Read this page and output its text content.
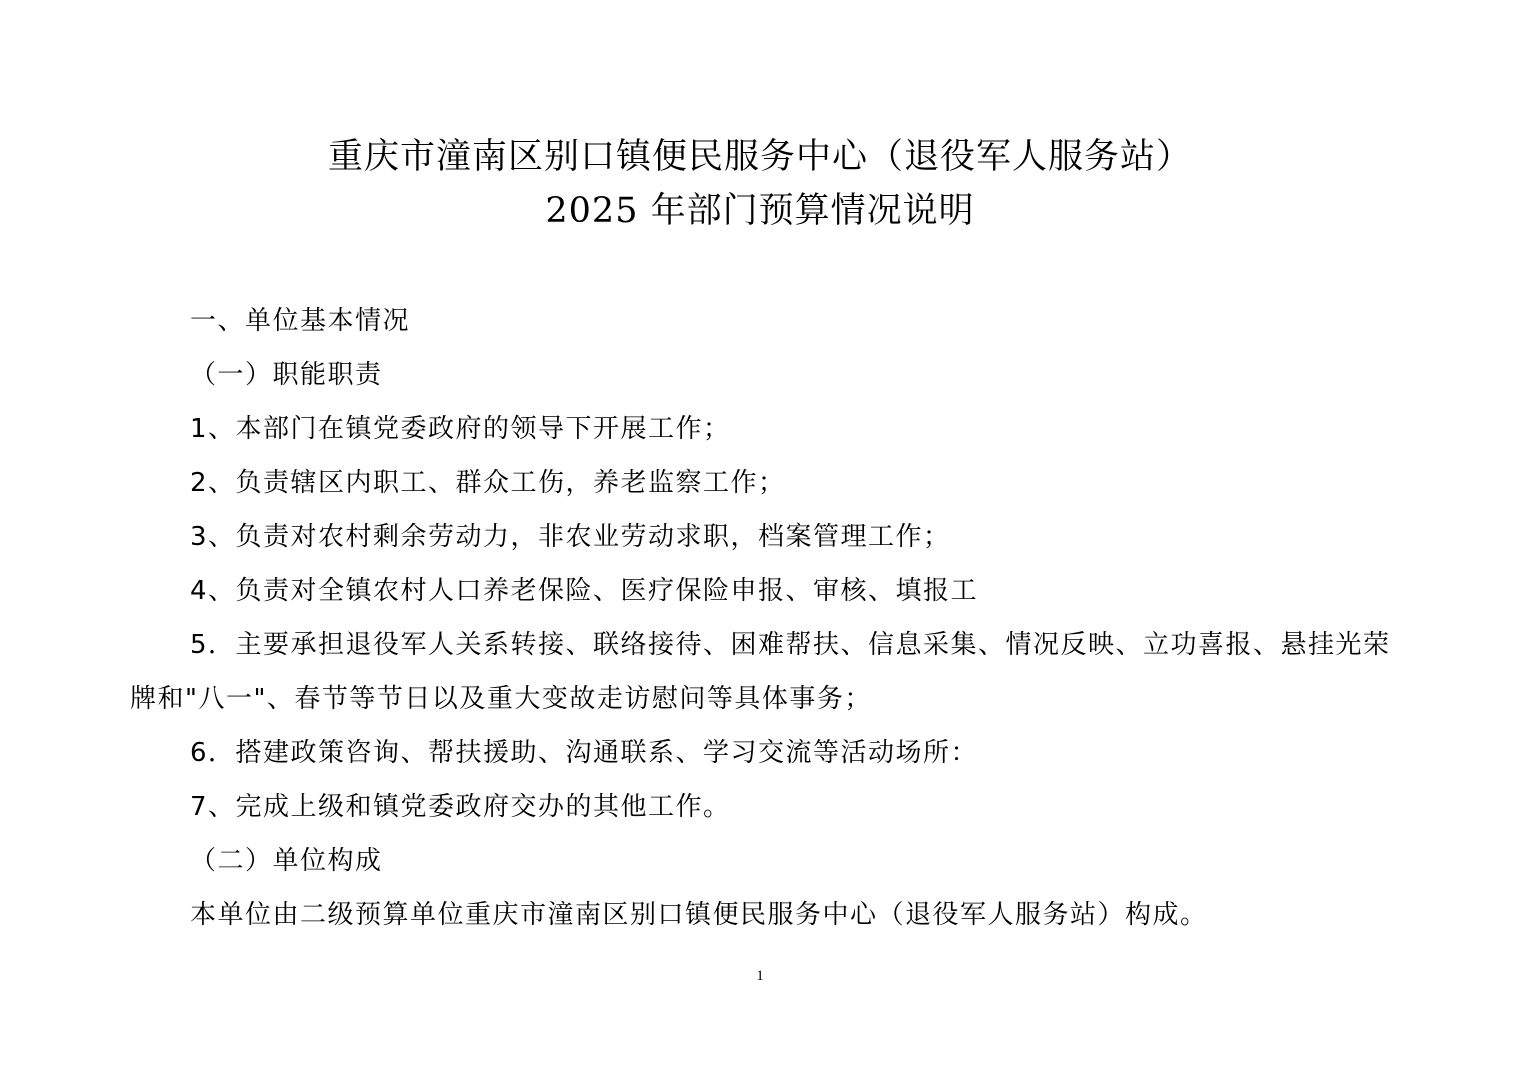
重庆市潼南区别口镇便民服务中心（退役军人服务站）
2025 年部门预算情况说明
一、单位基本情况
（一）职能职责
1、本部门在镇党委政府的领导下开展工作；
2、负责辖区内职工、群众工伤，养老监察工作；
3、负责对农村剩余劳动力，非农业劳动求职，档案管理工作；
4、负责对全镇农村人口养老保险、医疗保险申报、审核、填报工
5．主要承担退役军人关系转接、联络接待、困难帮扶、信息采集、情况反映、立功喜报、悬挂光荣牌和"八一"、春节等节日以及重大变故走访慰问等具体事务；
6．搭建政策咨询、帮扶援助、沟通联系、学习交流等活动场所：
7、完成上级和镇党委政府交办的其他工作。
（二）单位构成
本单位由二级预算单位重庆市潼南区别口镇便民服务中心（退役军人服务站）构成。
1
